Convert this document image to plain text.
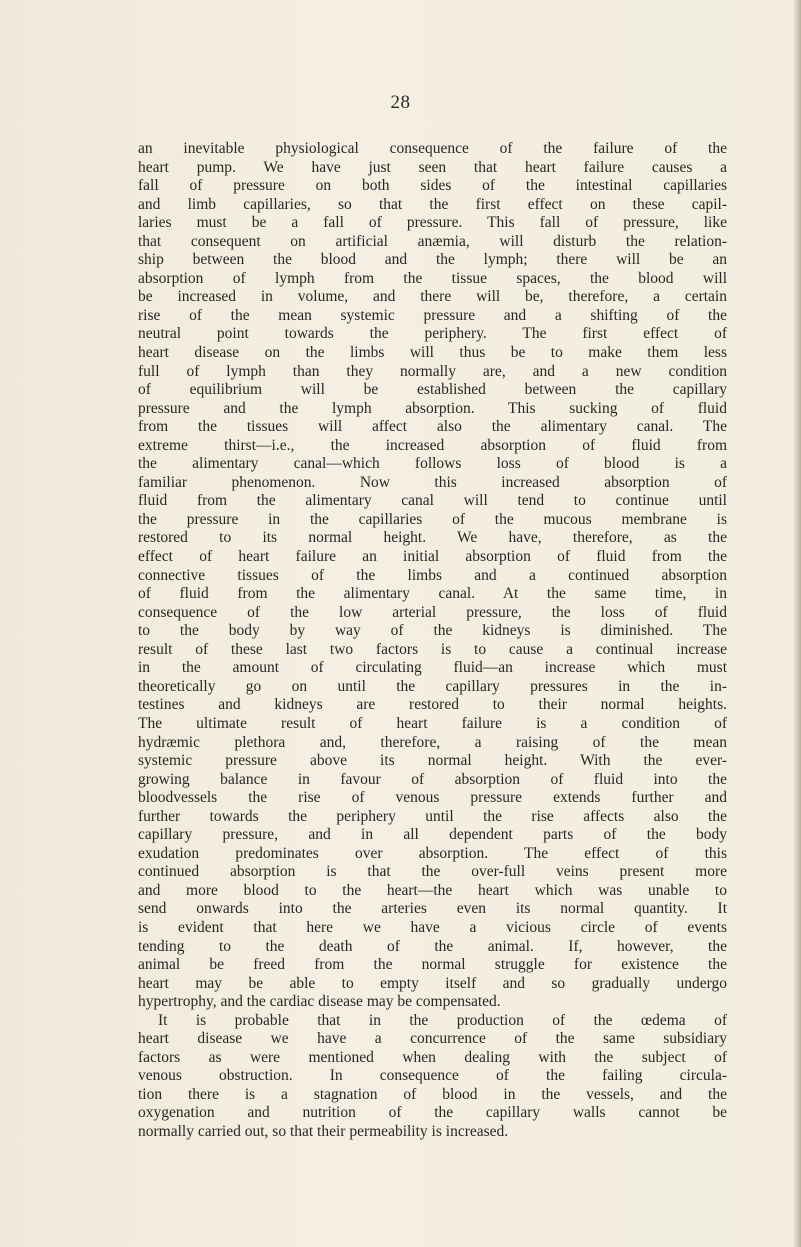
28
an inevitable physiological consequence of the failure of the
heart pump. We have just seen that heart failure causes a
fall of pressure on both sides of the intestinal capillaries
and limb capillaries, so that the first effect on these capil-
laries must be a fall of pressure. This fall of pressure, like
that consequent on artificial anæmia, will disturb the relation-
ship between the blood and the lymph; there will be an
absorption of lymph from the tissue spaces, the blood will
be increased in volume, and there will be, therefore, a certain
rise of the mean systemic pressure and a shifting of the
neutral point towards the periphery. The first effect of
heart disease on the limbs will thus be to make them less
full of lymph than they normally are, and a new condition
of equilibrium will be established between the capillary
pressure and the lymph absorption. This sucking of fluid
from the tissues will affect also the alimentary canal. The
extreme thirst—i.e., the increased absorption of fluid from
the alimentary canal—which follows loss of blood is a
familiar phenomenon. Now this increased absorption of
fluid from the alimentary canal will tend to continue until
the pressure in the capillaries of the mucous membrane is
restored to its normal height. We have, therefore, as the
effect of heart failure an initial absorption of fluid from the
connective tissues of the limbs and a continued absorption
of fluid from the alimentary canal. At the same time, in
consequence of the low arterial pressure, the loss of fluid
to the body by way of the kidneys is diminished. The
result of these last two factors is to cause a continual increase
in the amount of circulating fluid—an increase which must
theoretically go on until the capillary pressures in the in-
testines and kidneys are restored to their normal heights.
The ultimate result of heart failure is a condition of
hydræmic plethora and, therefore, a raising of the mean
systemic pressure above its normal height. With the ever-
growing balance in favour of absorption of fluid into the
bloodvessels the rise of venous pressure extends further and
further towards the periphery until the rise affects also the
capillary pressure, and in all dependent parts of the body
exudation predominates over absorption. The effect of this
continued absorption is that the over-full veins present more
and more blood to the heart—the heart which was unable to
send onwards into the arteries even its normal quantity. It
is evident that here we have a vicious circle of events
tending to the death of the animal. If, however, the
animal be freed from the normal struggle for existence the
heart may be able to empty itself and so gradually undergo
hypertrophy, and the cardiac disease may be compensated.
It is probable that in the production of the œdema of
heart disease we have a concurrence of the same subsidiary
factors as were mentioned when dealing with the subject of
venous obstruction. In consequence of the failing circula-
tion there is a stagnation of blood in the vessels, and the
oxygenation and nutrition of the capillary walls cannot be
normally carried out, so that their permeability is increased.
